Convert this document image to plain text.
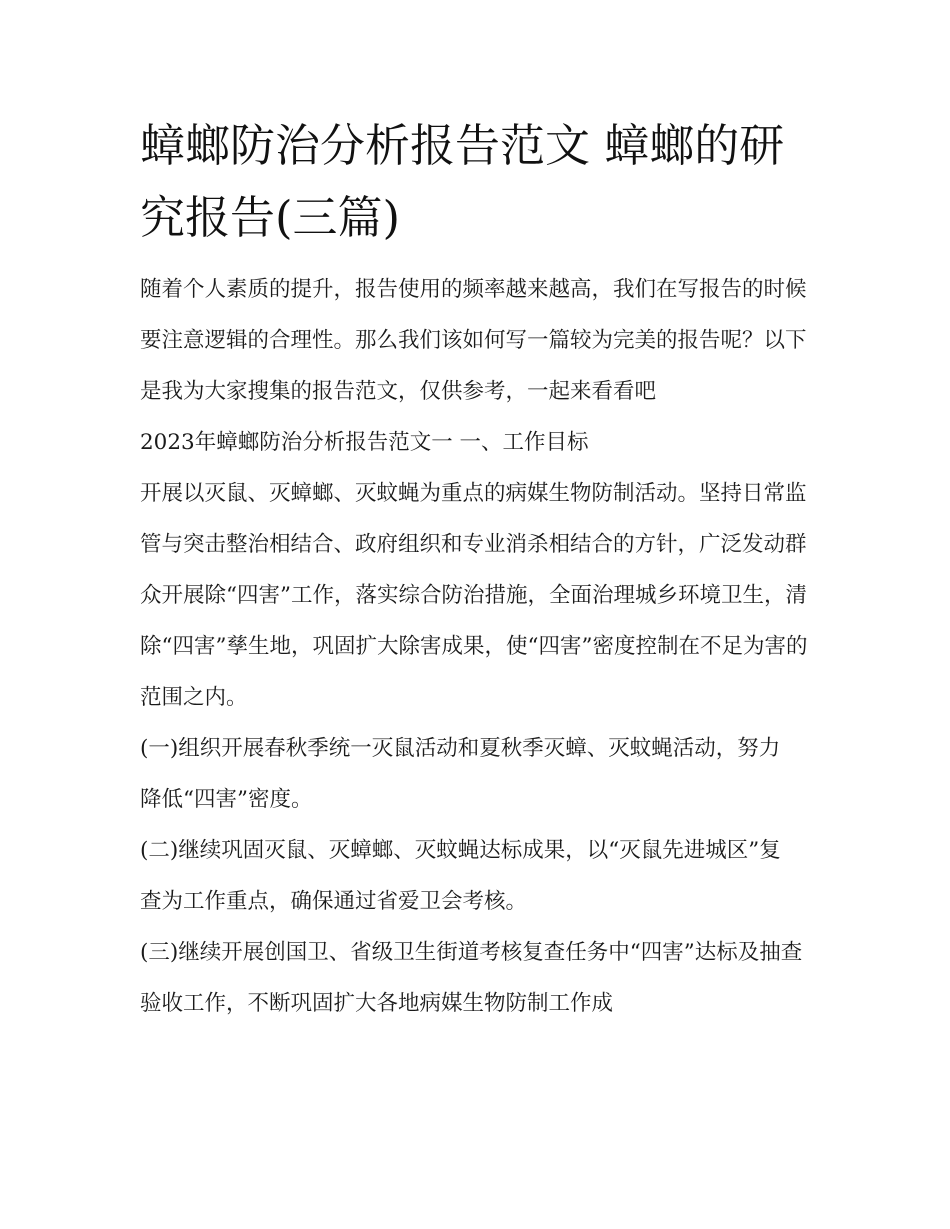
蟑螂防治分析报告范文 蟑螂的研究报告(三篇)

随着个人素质的提升，报告使用的频率越来越高，我们在写报告的时候要注意逻辑的合理性。那么我们该如何写一篇较为完美的报告呢？以下是我为大家搜集的报告范文，仅供参考，一起来看看吧

2023年蟑螂防治分析报告范文一 一、工作目标

开展以灭鼠、灭蟑螂、灭蚊蝇为重点的病媒生物防制活动。坚持日常监管与突击整治相结合、政府组织和专业消杀相结合的方针，广泛发动群众开展除“四害”工作，落实综合防治措施，全面治理城乡环境卫生，清除“四害”孳生地，巩固扩大除害成果，使“四害”密度控制在不足为害的范围之内。

(一)组织开展春秋季统一灭鼠活动和夏秋季灭蟑、灭蚊蝇活动，努力降低“四害”密度。

(二)继续巩固灭鼠、灭蟑螂、灭蚊蝇达标成果，以“灭鼠先进城区”复查为工作重点，确保通过省爱卫会考核。

(三)继续开展创国卫、省级卫生街道考核复查任务中“四害”达标及抽查验收工作，不断巩固扩大各地病媒生物防制工作成
